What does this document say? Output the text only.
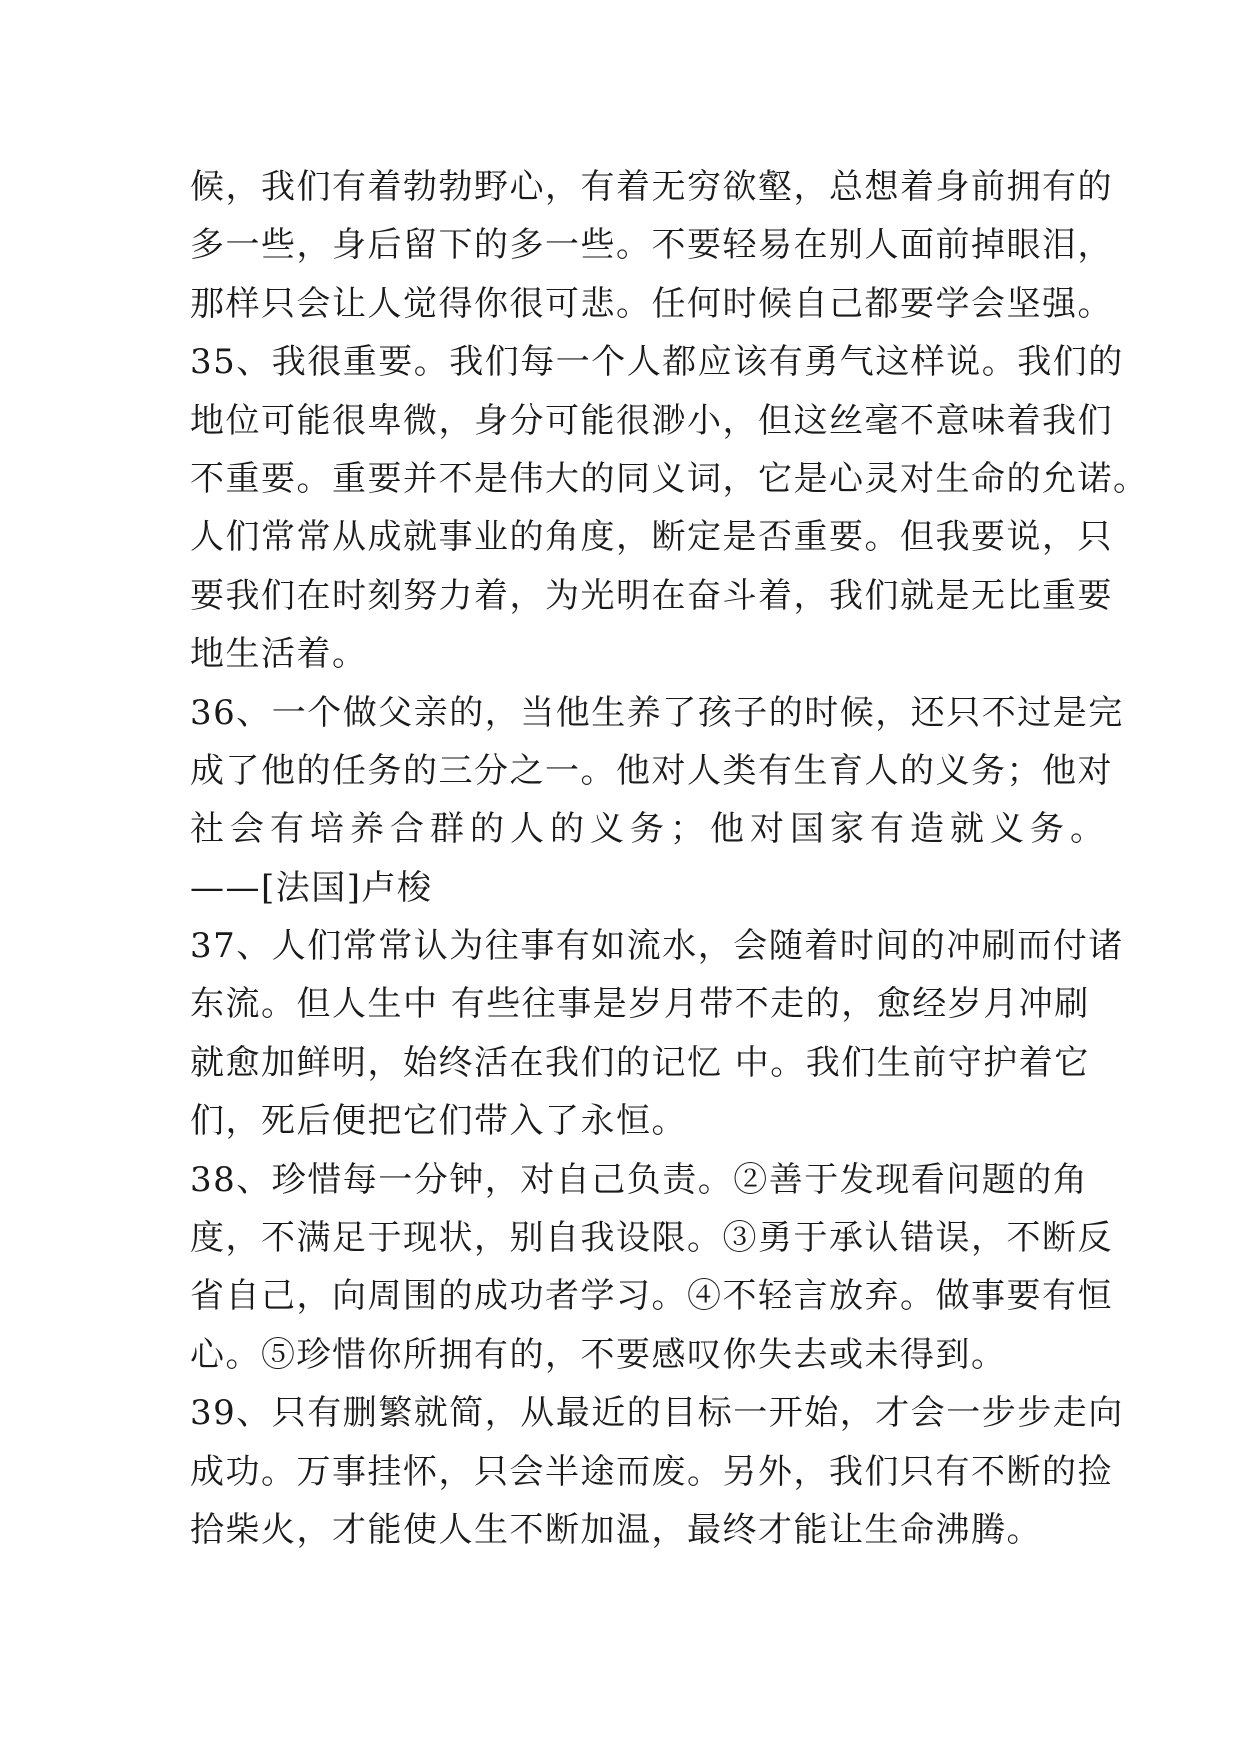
候，我们有着勃勃野心，有着无穷欲壑，总想着身前拥有的
多一些，身后留下的多一些。不要轻易在别人面前掉眼泪，
那样只会让人觉得你很可悲。任何时候自己都要学会坚强。
35、我很重要。我们每一个人都应该有勇气这样说。我们的
地位可能很卑微，身分可能很渺小，但这丝毫不意味着我们
不重要。重要并不是伟大的同义词，它是心灵对生命的允诺。
人们常常从成就事业的角度，断定是否重要。但我要说，只
要我们在时刻努力着，为光明在奋斗着，我们就是无比重要
地生活着。
36、一个做父亲的，当他生养了孩子的时候，还只不过是完
成了他的任务的三分之一。他对人类有生育人的义务；他对
社会有培养合群的人的义务；他对国家有造就义务。
——[法国]卢梭
37、人们常常认为往事有如流水，会随着时间的冲刷而付诸
东流。但人生中 有些往事是岁月带不走的，愈经岁月冲刷
就愈加鲜明，始终活在我们的记忆 中。我们生前守护着它
们，死后便把它们带入了永恒。
38、珍惜每一分钟，对自己负责。②善于发现看问题的角
度，不满足于现状，别自我设限。③勇于承认错误，不断反
省自己，向周围的成功者学习。④不轻言放弃。做事要有恒
心。⑤珍惜你所拥有的，不要感叹你失去或未得到。
39、只有删繁就简，从最近的目标一开始，才会一步步走向
成功。万事挂怀，只会半途而废。另外，我们只有不断的捡
拾柴火，才能使人生不断加温，最终才能让生命沸腾。
